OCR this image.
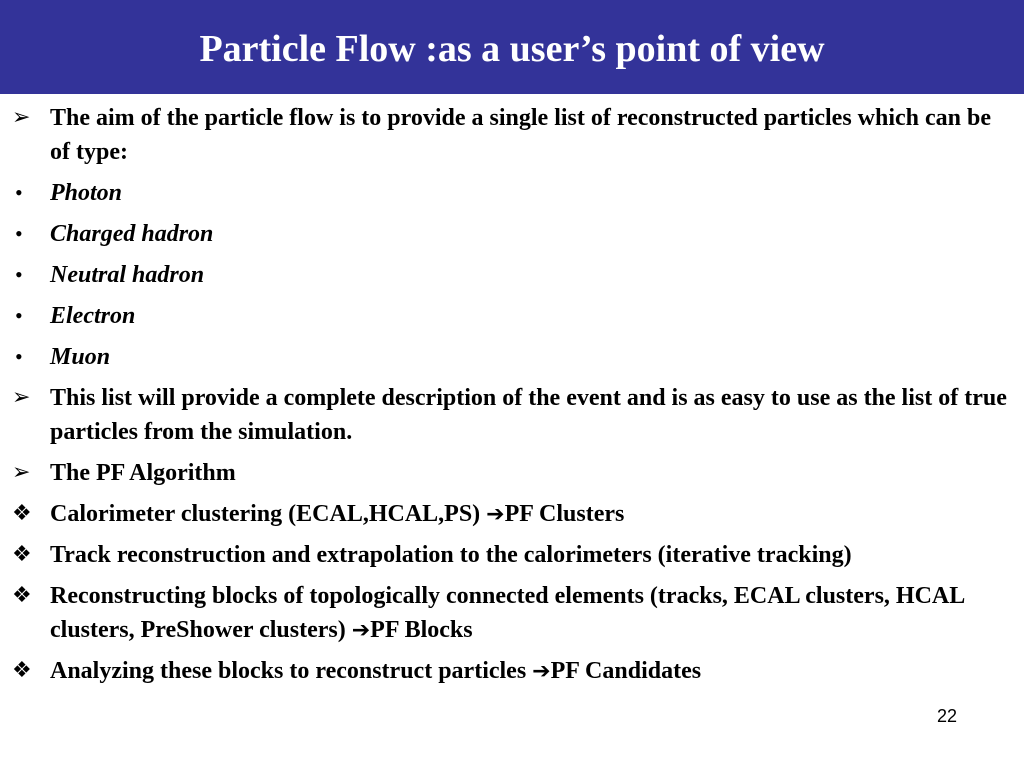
Particle Flow :as a user’s point of view
➢ The aim of the particle flow is to provide a single list of reconstructed particles which can be of type:
•	Photon
•	Charged hadron
•	Neutral hadron
•	Electron
•	Muon
➢ This list will provide a complete description of the event and is as easy to use as the list of true particles from the simulation.
➢ The PF Algorithm
❖ Calorimeter clustering (ECAL,HCAL,PS) ➔PF Clusters
❖ Track reconstruction and extrapolation to the calorimeters (iterative tracking)
❖ Reconstructing blocks of topologically connected elements (tracks, ECAL clusters, HCAL clusters, PreShower clusters) ➔PF Blocks
❖ Analyzing these blocks to reconstruct particles ➔PF Candidates
22
